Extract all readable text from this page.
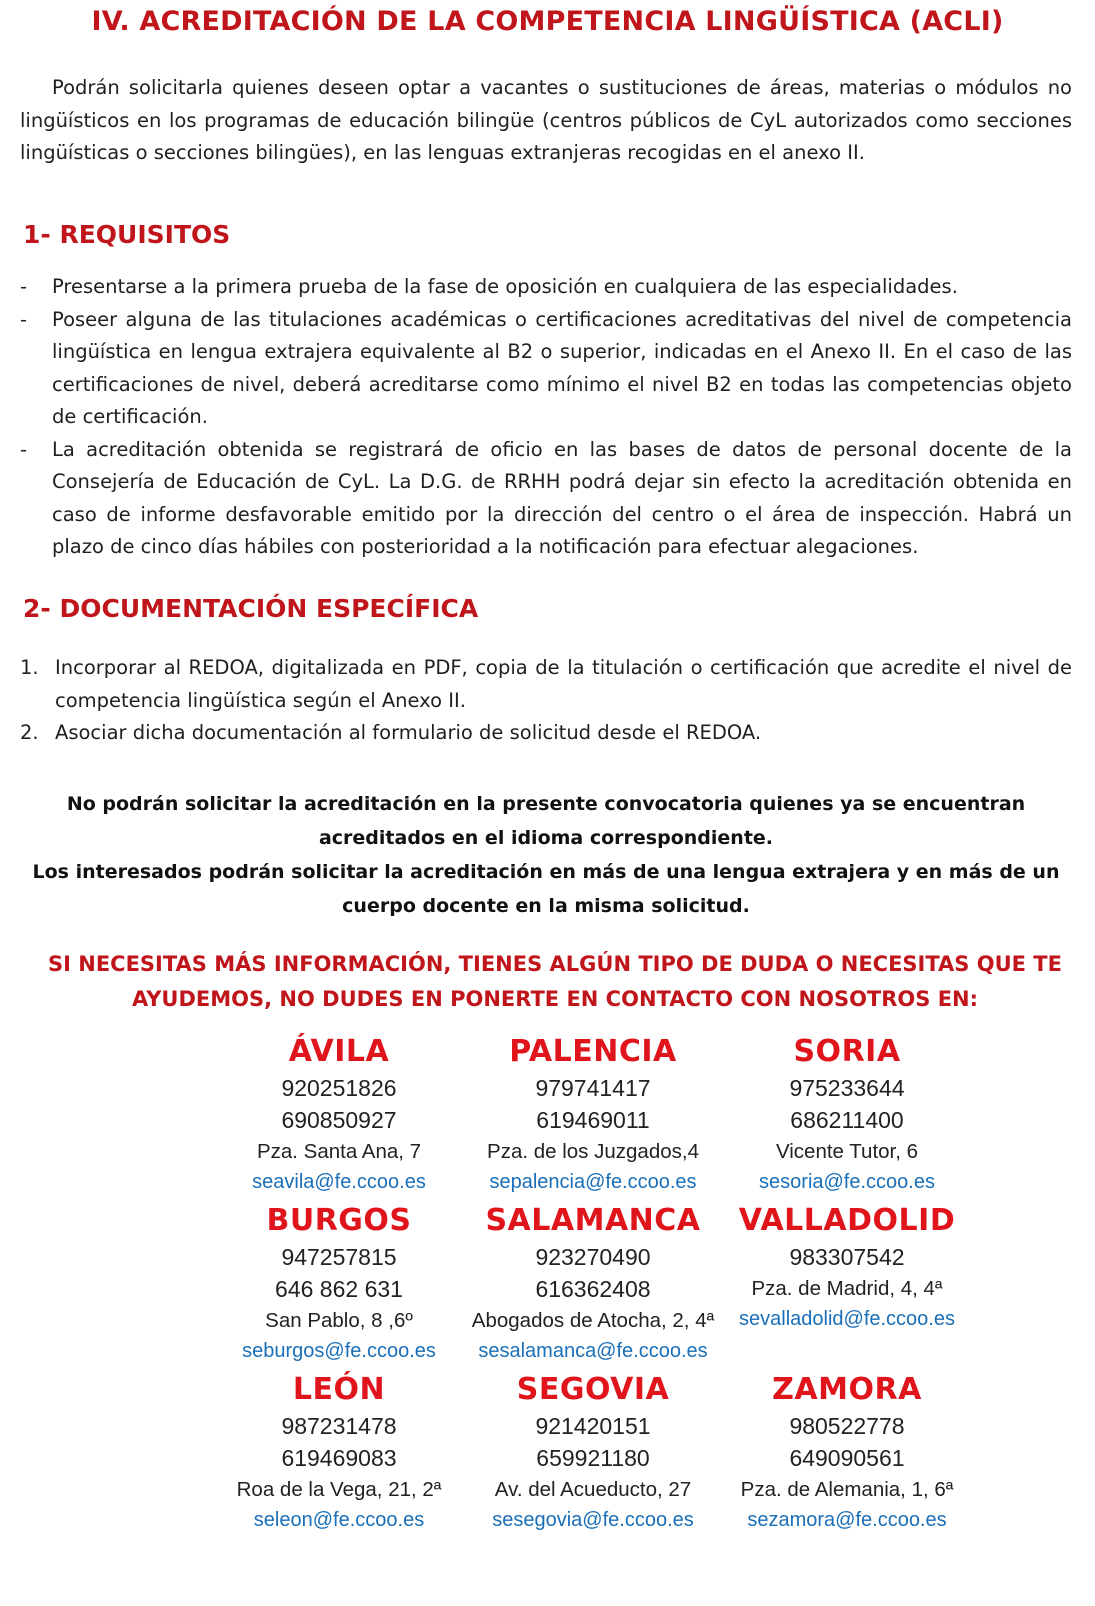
IV. ACREDITACIÓN DE LA COMPETENCIA LINGÜÍSTICA (ACLI)

Podrán solicitarla quienes deseen optar a vacantes o sustituciones de áreas, materias o módulos no lingüísticos en los programas de educación bilingüe (centros públicos de CyL autorizados como secciones lingüísticas o secciones bilingües), en las lenguas extranjeras recogidas en el anexo II.

1- REQUISITOS
- Presentarse a la primera prueba de la fase de oposición en cualquiera de las especialidades.
- Poseer alguna de las titulaciones académicas o certificaciones acreditativas del nivel de competencia lingüística en lengua extrajera equivalente al B2 o superior, indicadas en el Anexo II. En el caso de las certificaciones de nivel, deberá acreditarse como mínimo el nivel B2 en todas las competencias objeto de certificación.
- La acreditación obtenida se registrará de oficio en las bases de datos de personal docente de la Consejería de Educación de CyL. La D.G. de RRHH podrá dejar sin efecto la acreditación obtenida en caso de informe desfavorable emitido por la dirección del centro o el área de inspección. Habrá un plazo de cinco días hábiles con posterioridad a la notificación para efectuar alegaciones.
2- DOCUMENTACIÓN ESPECÍFICA
1. Incorporar al REDOA, digitalizada en PDF, copia de la titulación o certificación que acredite el nivel de competencia lingüística según el Anexo II.
2. Asociar dicha documentación al formulario de solicitud desde el REDOA.
No podrán solicitar la acreditación en la presente convocatoria quienes ya se encuentran acreditados en el idioma correspondiente.
Los interesados podrán solicitar la acreditación en más de una lengua extrajera y en más de un cuerpo docente en la misma solicitud.
SI NECESITAS MÁS INFORMACIÓN, TIENES ALGÚN TIPO DE DUDA O NECESITAS QUE TE AYUDEMOS, NO DUDES EN PONERTE EN CONTACTO CON NOSOTROS EN:
ÁVILA
920251826
690850927
Pza. Santa Ana, 7
seavila@fe.ccoo.es
PALENCIA
979741417
619469011
Pza. de los Juzgados,4
sepalencia@fe.ccoo.es
SORIA
975233644
686211400
Vicente Tutor, 6
sesoria@fe.ccoo.es
BURGOS
947257815
646 862 631
San Pablo, 8 ,6º
seburgos@fe.ccoo.es
SALAMANCA
923270490
616362408
Abogados de Atocha, 2, 4ª
sesalamanca@fe.ccoo.es
VALLADOLID
983307542
Pza. de Madrid, 4, 4ª
sevalladolid@fe.ccoo.es
LEÓN
987231478
619469083
Roa de la Vega, 21, 2ª
seleon@fe.ccoo.es
SEGOVIA
921420151
659921180
Av. del Acueducto, 27
sesegovia@fe.ccoo.es
ZAMORA
980522778
649090561
Pza. de Alemania, 1, 6ª
sezamora@fe.ccoo.es
